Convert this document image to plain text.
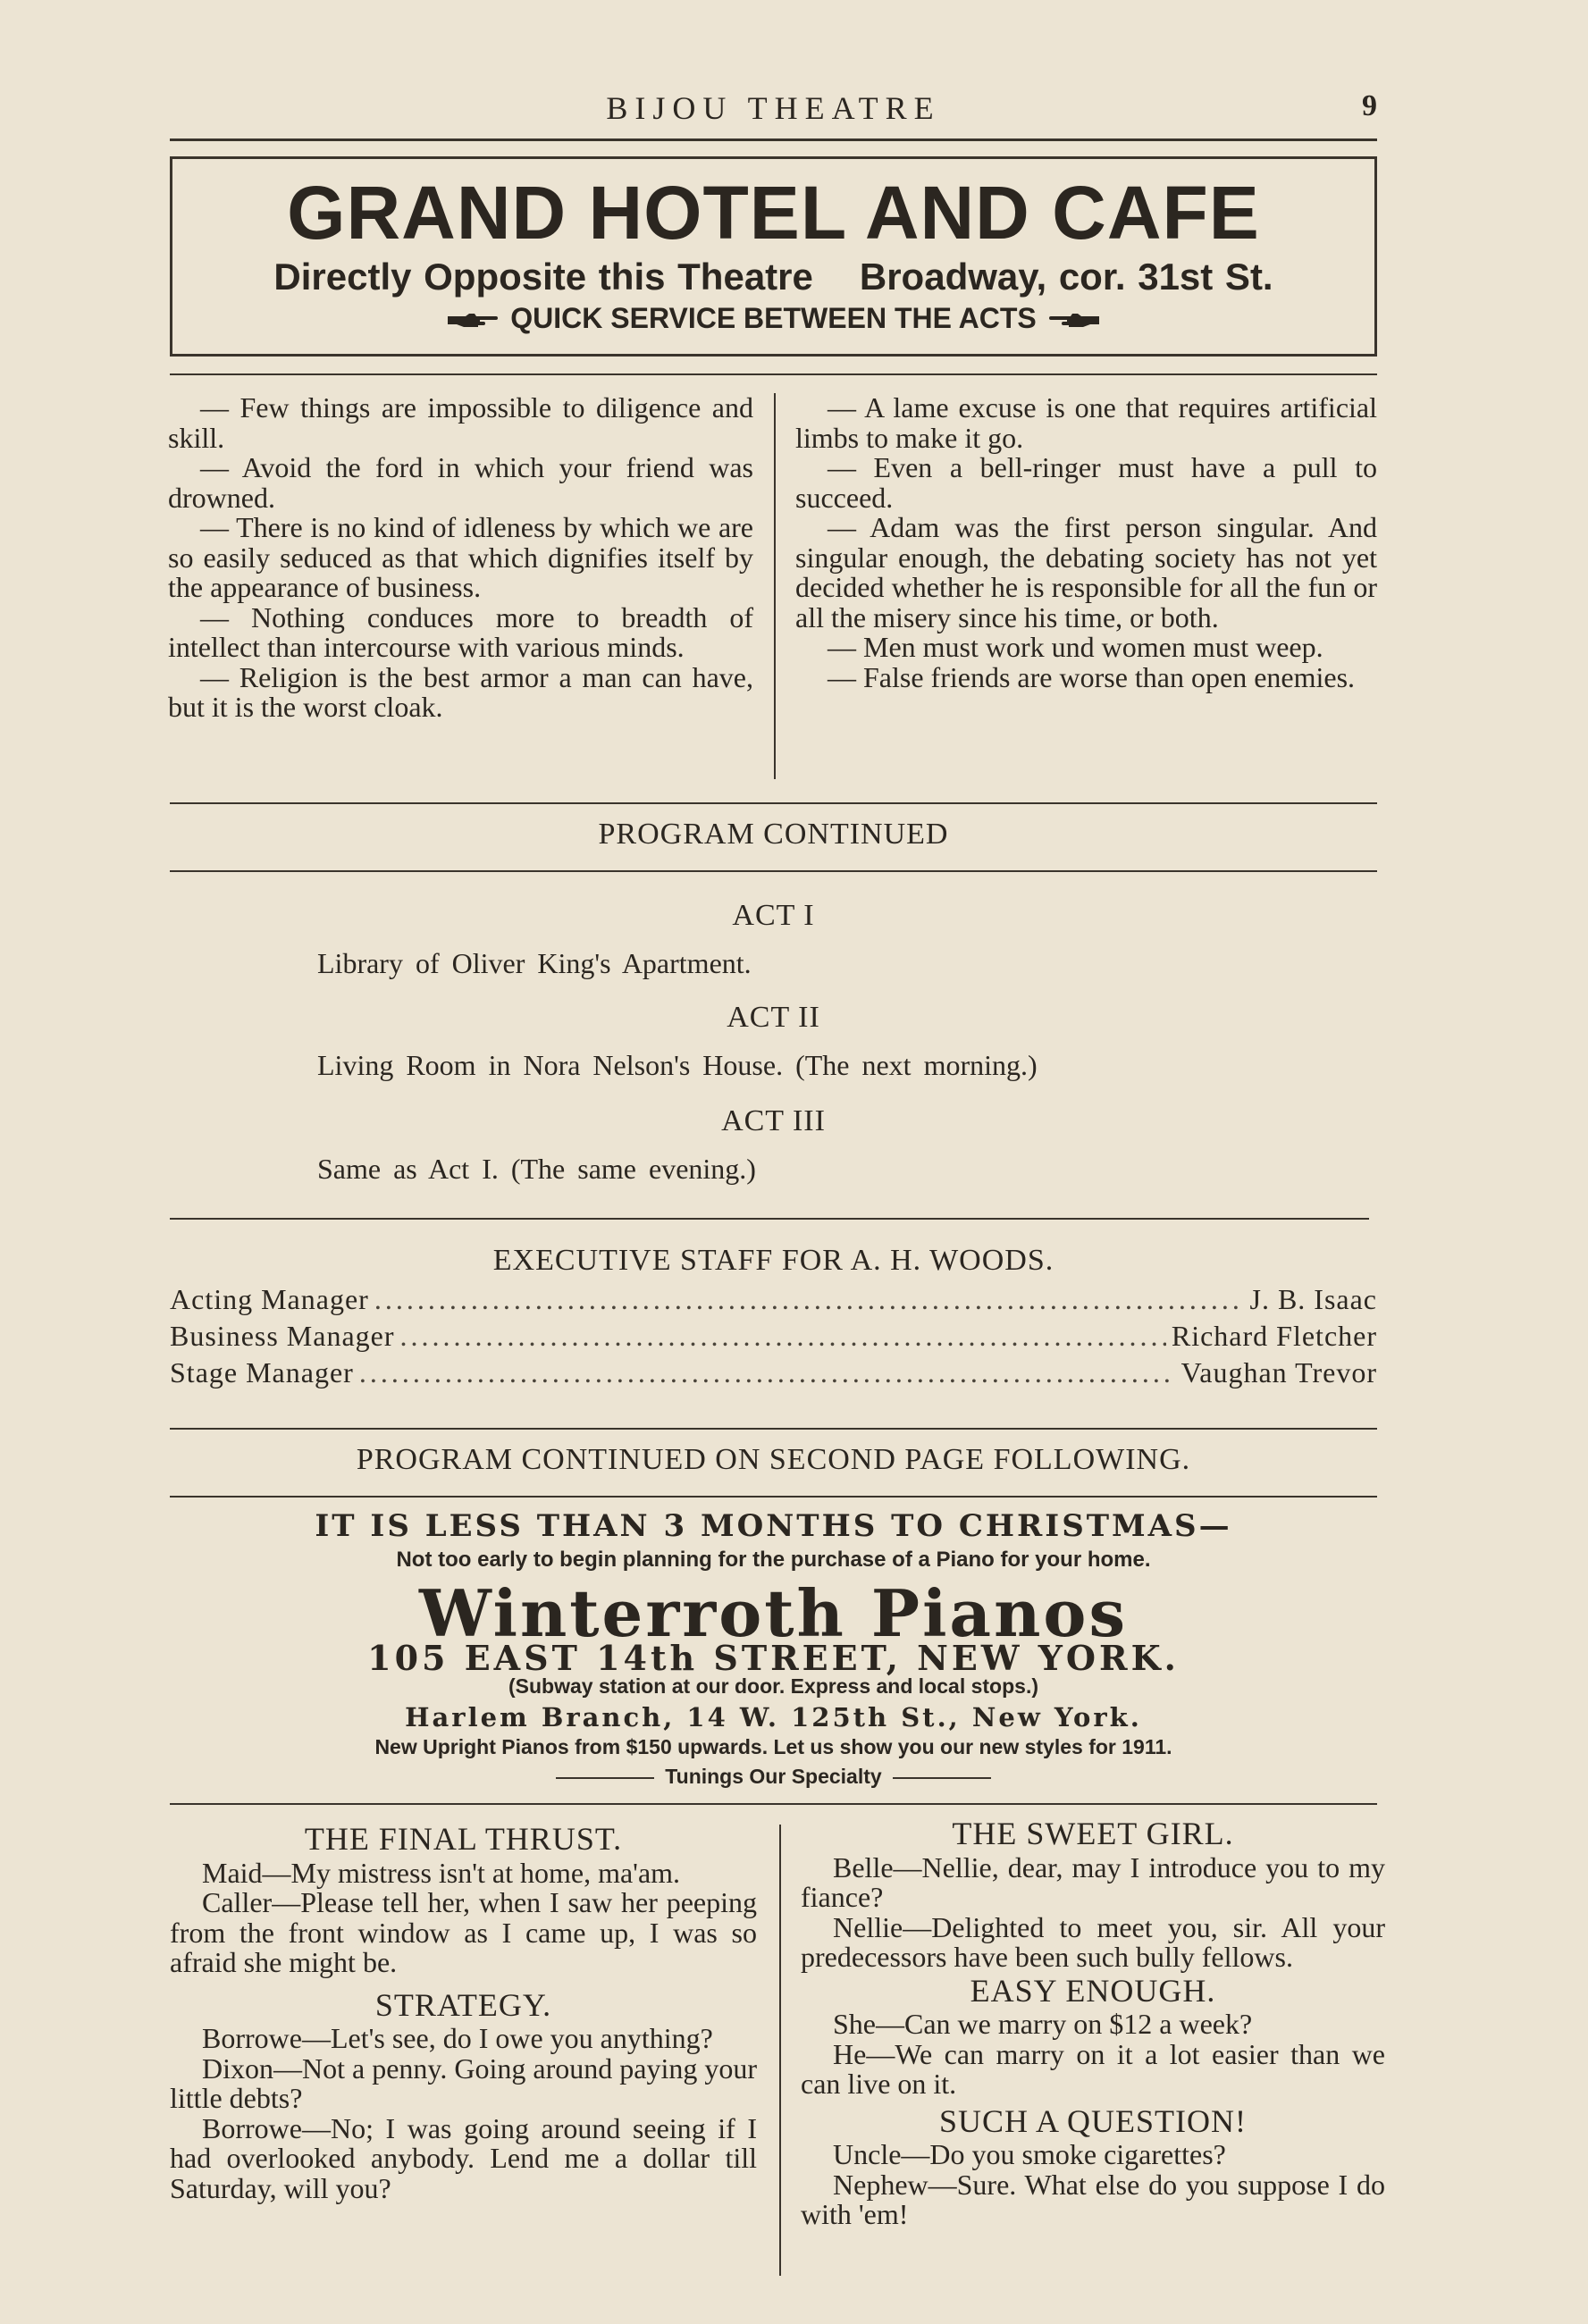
BIJOU THEATRE	9
GRAND HOTEL AND CAFE
Directly Opposite this Theatre Broadway, cor. 31st St.
QUICK SERVICE BETWEEN THE ACTS

— Few things are impossible to diligence and skill.

— Avoid the ford in which your friend was drowned.

— There is no kind of idleness by which we are so easily seduced as that which dignifies itself by the appearance of business.

— Nothing conduces more to breadth of intellect than intercourse with various minds.

— Religion is the best armor a man can have, but it is the worst cloak.

— A lame excuse is one that requires artificial limbs to make it go.

— Even a bell-ringer must have a pull to succeed.

— Adam was the first person singular. And singular enough, the debating society has not yet decided whether he is responsible for all the fun or all the misery since his time, or both.

— Men must work und women must weep.

— False friends are worse than open enemies.

PROGRAM CONTINUED
ACT I
Library of Oliver King's Apartment.
ACT II
Living Room in Nora Nelson's House. (The next morning.)
ACT III
Same as Act I. (The same evening.)
EXECUTIVE STAFF FOR A. H. WOODS.
Acting Manager .....	J. B. Isaac
Business Manager .....	Richard Fletcher
Stage Manager .....	Vaughan Trevor
PROGRAM CONTINUED ON SECOND PAGE FOLLOWING.
IT IS LESS THAN 3 MONTHS TO CHRISTMAS—
Not too early to begin planning for the purchase of a Piano for your home.
Winterroth Pianos
105 EAST 14th STREET, NEW YORK.
(Subway station at our door. Express and local stops.)
Harlem Branch, 14 W. 125th St., New York.
New Upright Pianos from $150 upwards. Let us show you our new styles for 1911.
Tunings Our Specialty
THE FINAL THRUST.

Maid—My mistress isn't at home, ma'am.

Caller—Please tell her, when I saw her peeping from the front window as I came up, I was so afraid she might be.

STRATEGY.

Borrowe—Let's see, do I owe you anything?

Dixon—Not a penny. Going around paying your little debts?

Borrowe—No; I was going around seeing if I had overlooked anybody. Lend me a dollar till Saturday, will you?

THE SWEET GIRL.

Belle—Nellie, dear, may I introduce you to my fiance?

Nellie—Delighted to meet you, sir. All your predecessors have been such bully fellows.

EASY ENOUGH.

She—Can we marry on $12 a week?

He—We can marry on it a lot easier than we can live on it.

SUCH A QUESTION!

Uncle—Do you smoke cigarettes?

Nephew—Sure. What else do you suppose I do with 'em!
